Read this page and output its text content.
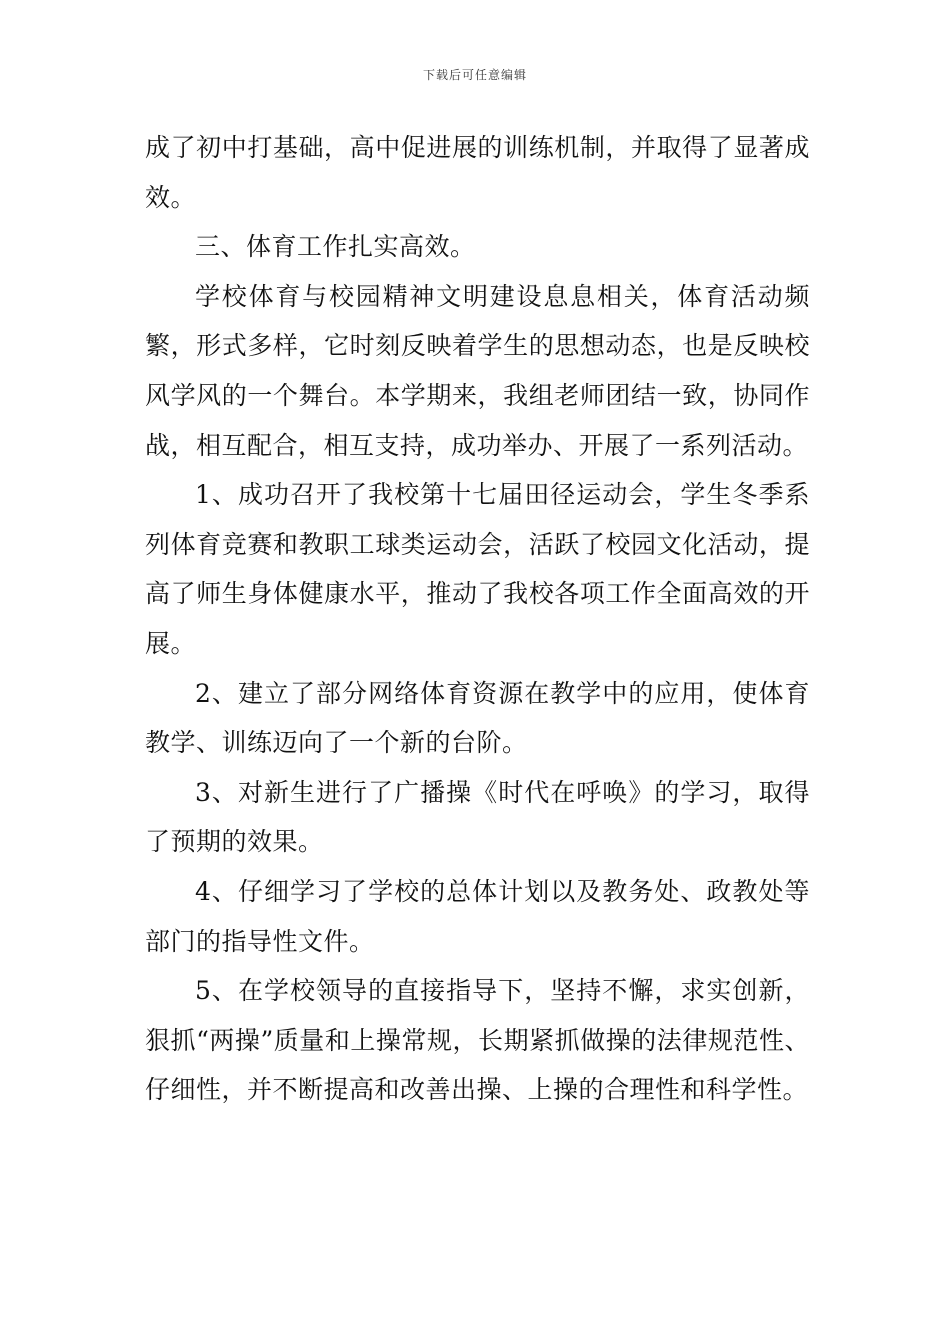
下载后可任意编辑

成了初中打基础，高中促进展的训练机制，并取得了显著成效。

三、体育工作扎实高效。

学校体育与校园精神文明建设息息相关，体育活动频繁，形式多样，它时刻反映着学生的思想动态，也是反映校风学风的一个舞台。本学期来，我组老师团结一致，协同作战，相互配合，相互支持，成功举办、开展了一系列活动。

1、成功召开了我校第十七届田径运动会，学生冬季系列体育竞赛和教职工球类运动会，活跃了校园文化活动，提高了师生身体健康水平，推动了我校各项工作全面高效的开展。

2、建立了部分网络体育资源在教学中的应用，使体育教学、训练迈向了一个新的台阶。

3、对新生进行了广播操《时代在呼唤》的学习，取得了预期的效果。

4、仔细学习了学校的总体计划以及教务处、政教处等部门的指导性文件。

5、在学校领导的直接指导下，坚持不懈，求实创新，狠抓“两操”质量和上操常规，长期紧抓做操的法律规范性、仔细性，并不断提高和改善出操、上操的合理性和科学性。
